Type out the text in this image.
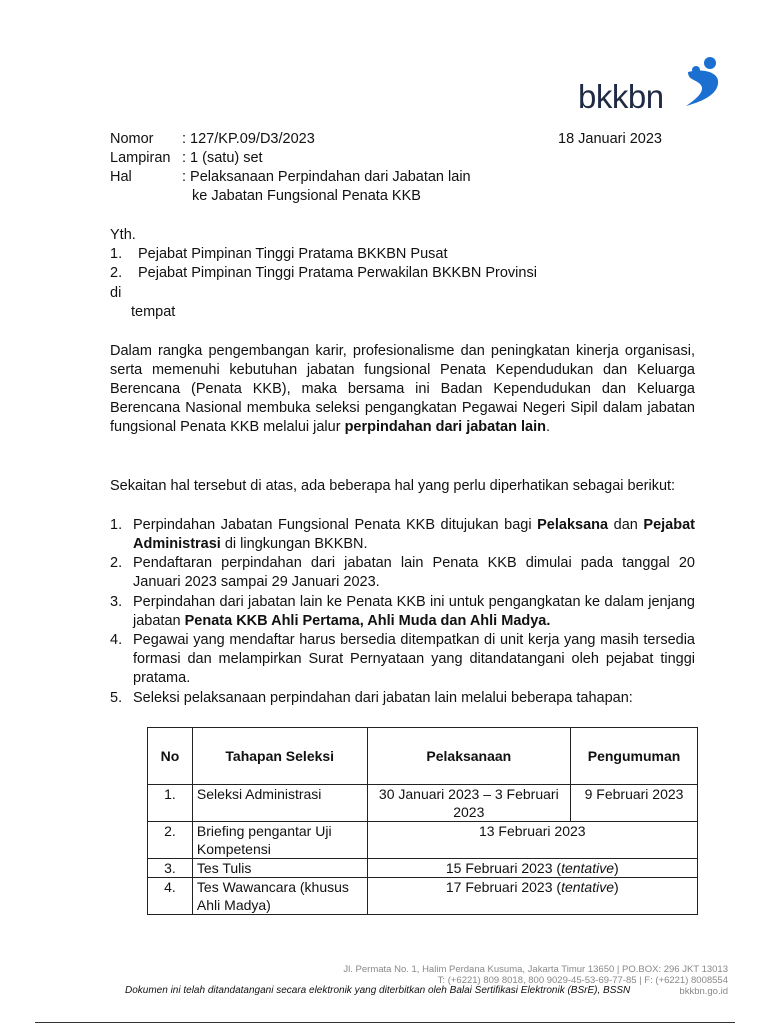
bkkbn
Nomor : 127/KP.09/D3/2023	18 Januari 2023
Lampiran : 1 (satu) set
Hal	: Pelaksanaan Perpindahan dari Jabatan lain
ke Jabatan Fungsional Penata KKB
Yth.
1. Pejabat Pimpinan Tinggi Pratama BKKBN Pusat
2. Pejabat Pimpinan Tinggi Pratama Perwakilan BKKBN Provinsi
di
tempat
Dalam rangka pengembangan karir, profesionalisme dan peningkatan kinerja organisasi, serta memenuhi kebutuhan jabatan fungsional Penata Kependudukan dan Keluarga Berencana (Penata KKB), maka bersama ini Badan Kependudukan dan Keluarga Berencana Nasional membuka seleksi pengangkatan Pegawai Negeri Sipil dalam jabatan fungsional Penata KKB melalui jalur perpindahan dari jabatan lain.
Sekaitan hal tersebut di atas, ada beberapa hal yang perlu diperhatikan sebagai berikut:
1. Perpindahan Jabatan Fungsional Penata KKB ditujukan bagi Pelaksana dan Pejabat Administrasi di lingkungan BKKBN.
2. Pendaftaran perpindahan dari jabatan lain Penata KKB dimulai pada tanggal 20 Januari 2023 sampai 29 Januari 2023.
3. Perpindahan dari jabatan lain ke Penata KKB ini untuk pengangkatan ke dalam jenjang jabatan Penata KKB Ahli Pertama, Ahli Muda dan Ahli Madya.
4. Pegawai yang mendaftar harus bersedia ditempatkan di unit kerja yang masih tersedia formasi dan melampirkan Surat Pernyataan yang ditandatangani oleh pejabat tinggi pratama.
5. Seleksi pelaksanaan perpindahan dari jabatan lain melalui beberapa tahapan:
No	Tahapan Seleksi	Pelaksanaan	Pengumuman
1.	Seleksi Administrasi	30 Januari 2023 – 3 Februari 2023	9 Februari 2023
2.	Briefing pengantar Uji Kompetensi	13 Februari 2023	
3.	Tes Tulis	15 Februari 2023 (tentative)	
4.	Tes Wawancara (khusus Ahli Madya)	17 Februari 2023 (tentative)	
Jl. Permata No. 1, Halim Perdana Kusuma, Jakarta Timur 13650 | PO.BOX: 296 JKT 13013
T: (+6221) 809 8018, 800 9029-45-53-69-77-85 | F: (+6221) 8008554
bkkbn.go.id
Dokumen ini telah ditandatangani secara elektronik yang diterbitkan oleh Balai Sertifikasi Elektronik (BSrE), BSSN
